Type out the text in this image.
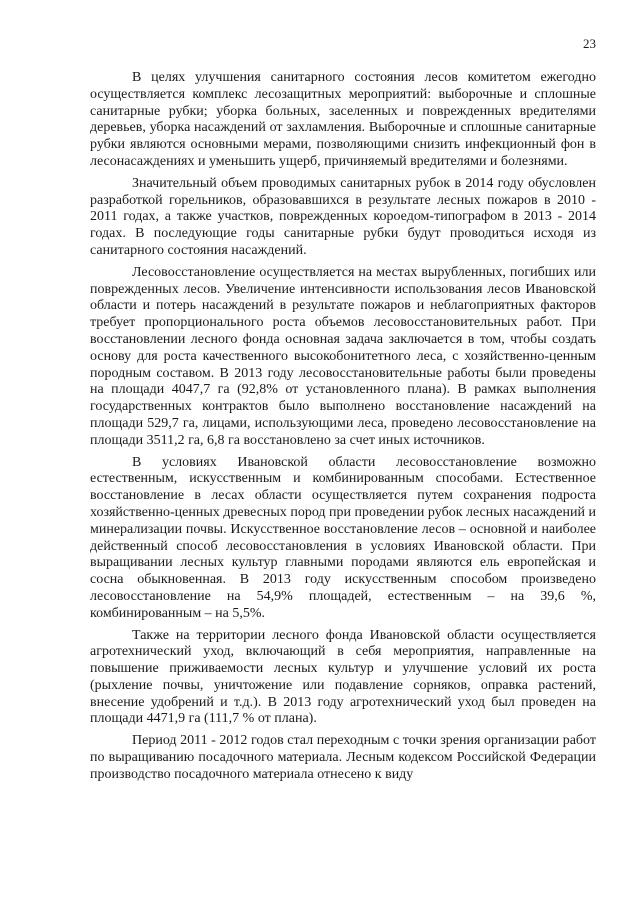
23

В целях улучшения санитарного состояния лесов комитетом ежегодно осуществляется комплекс лесозащитных мероприятий: выборочные и сплошные санитарные рубки; уборка больных, заселенных и поврежденных вредителями деревьев, уборка насаждений от захламления. Выборочные и сплошные санитарные рубки являются основными мерами, позволяющими снизить инфекционный фон в лесонасаждениях и уменьшить ущерб, причиняемый вредителями и болезнями.

Значительный объем проводимых санитарных рубок в 2014 году обусловлен разработкой горельников, образовавшихся в результате лесных пожаров в 2010 - 2011 годах, а также участков, поврежденных короедом-типографом в 2013 - 2014 годах. В последующие годы санитарные рубки будут проводиться исходя из санитарного состояния насаждений.

Лесовосстановление осуществляется на местах вырубленных, погибших или поврежденных лесов. Увеличение интенсивности использования лесов Ивановской области и потерь насаждений в результате пожаров и неблагоприятных факторов требует пропорционального роста объемов лесовосстановительных работ. При восстановлении лесного фонда основная задача заключается в том, чтобы создать основу для роста качественного высокобонитетного леса, с хозяйственно-ценным породным составом. В 2013 году лесовосстановительные работы были проведены на площади 4047,7 га (92,8% от установленного плана). В рамках выполнения государственных контрактов было выполнено восстановление насаждений на площади 529,7 га, лицами, использующими леса, проведено лесовосстановление на площади 3511,2 га, 6,8 га восстановлено за счет иных источников.

В условиях Ивановской области лесовосстановление возможно естественным, искусственным и комбинированным способами. Естественное восстановление в лесах области осуществляется путем сохранения подроста хозяйственно-ценных древесных пород при проведении рубок лесных насаждений и минерализации почвы. Искусственное восстановление лесов – основной и наиболее действенный способ лесовосстановления в условиях Ивановской области. При выращивании лесных культур главными породами являются ель европейская и сосна обыкновенная. В 2013 году искусственным способом произведено лесовосстановление на 54,9% площадей, естественным – на 39,6 %, комбинированным – на 5,5%.

Также на территории лесного фонда Ивановской области осуществляется агротехнический уход, включающий в себя мероприятия, направленные на повышение приживаемости лесных культур и улучшение условий их роста (рыхление почвы, уничтожение или подавление сорняков, оправка растений, внесение удобрений и т.д.). В 2013 году агротехнический уход был проведен на площади 4471,9 га (111,7 % от плана).

Период 2011 - 2012 годов стал переходным с точки зрения организации работ по выращиванию посадочного материала. Лесным кодексом Российской Федерации производство посадочного материала отнесено к виду
